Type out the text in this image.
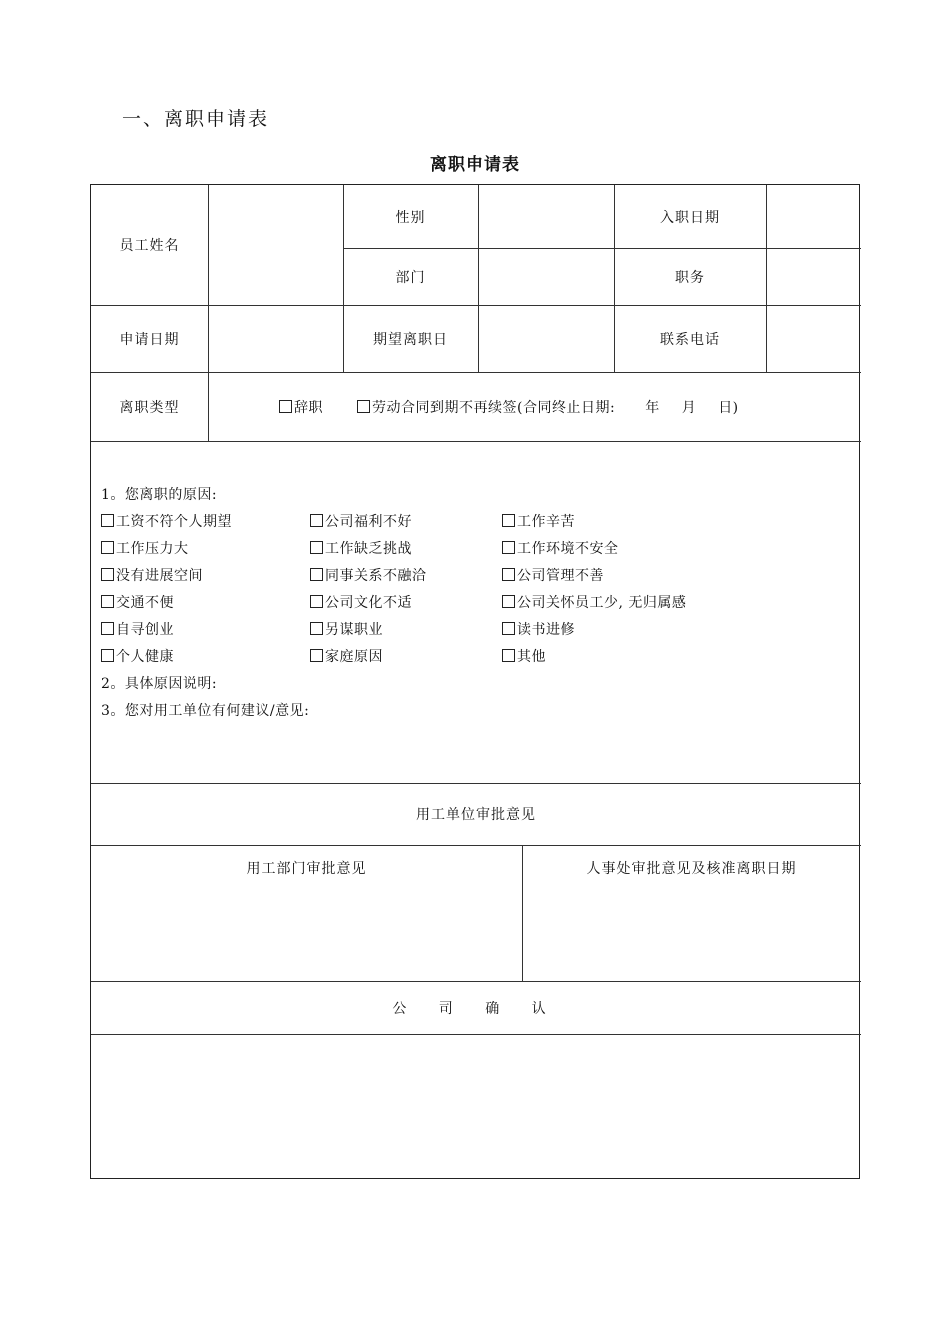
一、离职申请表
离职申请表
员工姓名
性别	入职日期
部门	职务
申请日期	期望离职日	联系电话
离职类型	辞职	劳动合同到期不再续签(合同终止日期: 年 月 日)
1。您离职的原因:
工资不符个人期望	公司福利不好	工作辛苦
工作压力大	工作缺乏挑战	工作环境不安全
没有进展空间	同事关系不融洽	公司管理不善
交通不便	公司文化不适	公司关怀员工少, 无归属感
自寻创业	另谋职业	读书进修
个人健康	家庭原因	其他
2。具体原因说明:
3。您对用工单位有何建议/意见:
用工单位审批意见
用工部门审批意见	人事处审批意见及核准离职日期
公 司 确 认
